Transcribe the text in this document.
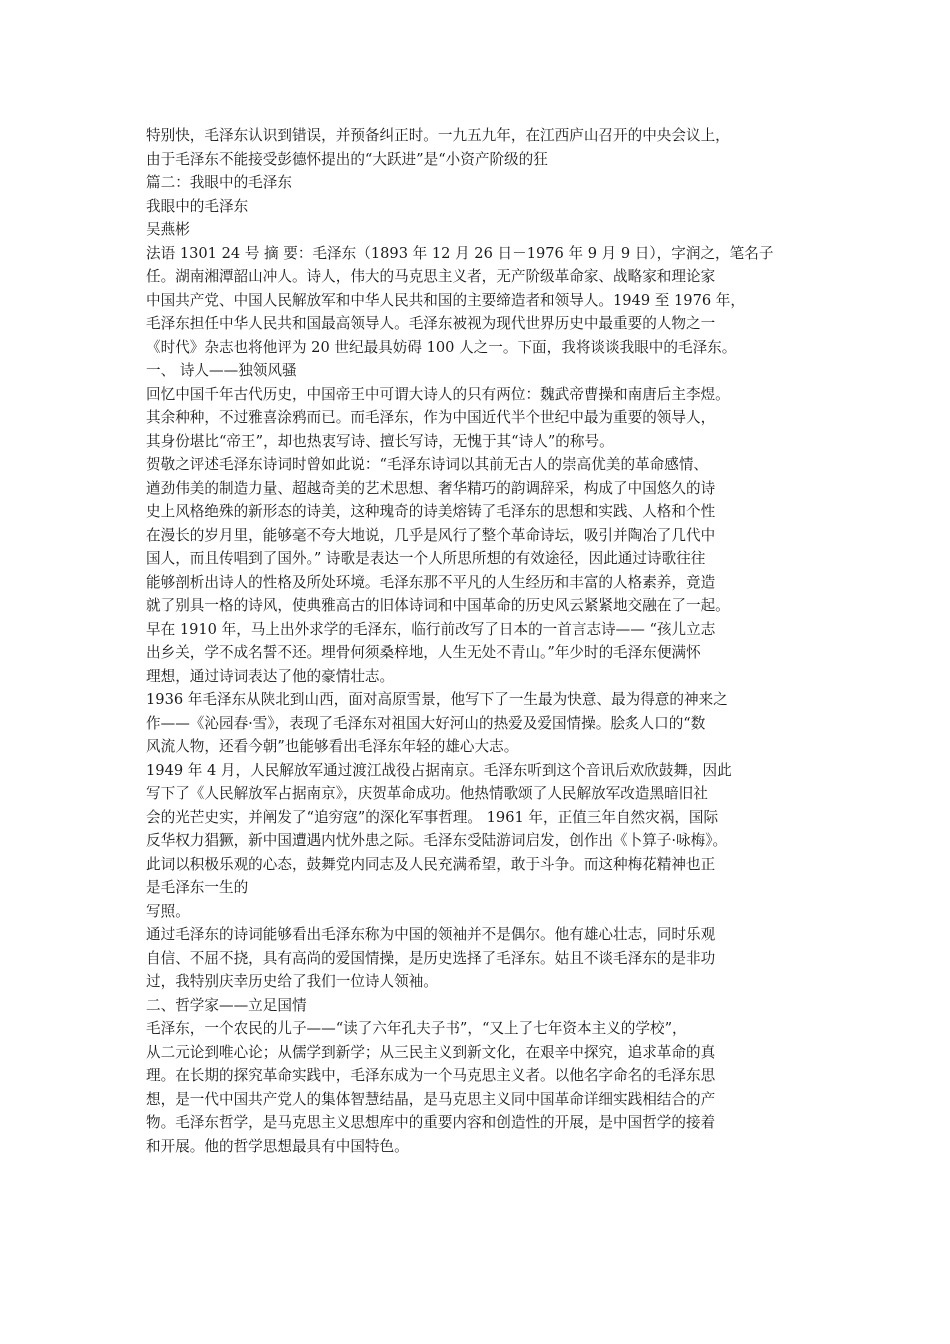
特别快，毛泽东认识到错误，并预备纠正时。一九五九年，在江西庐山召开的中央会议上，
由于毛泽东不能接受彭德怀提出的“大跃进”是“小资产阶级的狂
篇二：我眼中的毛泽东
我眼中的毛泽东
吴燕彬
法语 1301 24 号 摘 要：毛泽东（1893 年 12 月 26 日－1976 年 9 月 9 日），字润之，笔名子
任。湖南湘潭韶山冲人。诗人，伟大的马克思主义者，无产阶级革命家、战略家和理论家
中国共产党、中国人民解放军和中华人民共和国的主要缔造者和领导人。1949 至 1976 年，
毛泽东担任中华人民共和国最高领导人。毛泽东被视为现代世界历史中最重要的人物之一
《时代》杂志也将他评为 20 世纪最具妨碍 100 人之一。下面，我将谈谈我眼中的毛泽东。
一、 诗人——独领风骚
回忆中国千年古代历史，中国帝王中可谓大诗人的只有两位：魏武帝曹操和南唐后主李煜。
其余种种，不过雅喜涂鸦而已。而毛泽东，作为中国近代半个世纪中最为重要的领导人，
其身份堪比“帝王”，却也热衷写诗、擅长写诗，无愧于其“诗人”的称号。
贺敬之评述毛泽东诗词时曾如此说：“毛泽东诗词以其前无古人的崇高优美的革命感情、
遒劲伟美的制造力量、超越奇美的艺术思想、奢华精巧的韵调辞采，构成了中国悠久的诗
史上风格绝殊的新形态的诗美，这种瑰奇的诗美熔铸了毛泽东的思想和实践、人格和个性
在漫长的岁月里，能够毫不夸大地说，几乎是风行了整个革命诗坛，吸引并陶冶了几代中
国人，而且传唱到了国外。” 诗歌是表达一个人所思所想的有效途径，因此通过诗歌往往
能够剖析出诗人的性格及所处环境。毛泽东那不平凡的人生经历和丰富的人格素养，竟造
就了别具一格的诗风，使典雅高古的旧体诗词和中国革命的历史风云紧紧地交融在了一起。
早在 1910 年，马上出外求学的毛泽东，临行前改写了日本的一首言志诗—— “孩儿立志
出乡关，学不成名誓不还。埋骨何须桑梓地，人生无处不青山。”年少时的毛泽东便满怀
理想，通过诗词表达了他的豪情壮志。
1936 年毛泽东从陕北到山西，面对高原雪景，他写下了一生最为快意、最为得意的神来之
作——《沁园春·雪》，表现了毛泽东对祖国大好河山的热爱及爱国情操。脍炙人口的“数
风流人物，还看今朝”也能够看出毛泽东年轻的雄心大志。
1949 年 4 月，人民解放军通过渡江战役占据南京。毛泽东听到这个音讯后欢欣鼓舞，因此
写下了《人民解放军占据南京》，庆贺革命成功。他热情歌颂了人民解放军改造黑暗旧社
会的光芒史实，并阐发了“追穷寇”的深化军事哲理。 1961 年，正值三年自然灾祸，国际
反华权力猖獗，新中国遭遇内忧外患之际。毛泽东受陆游词启发，创作出《卜算子·咏梅》。
此词以积极乐观的心态，鼓舞党内同志及人民充满希望，敢于斗争。而这种梅花精神也正
是毛泽东一生的
写照。
通过毛泽东的诗词能够看出毛泽东称为中国的领袖并不是偶尔。他有雄心壮志，同时乐观
自信、不屈不挠，具有高尚的爱国情操，是历史选择了毛泽东。姑且不谈毛泽东的是非功
过，我特别庆幸历史给了我们一位诗人领袖。
二、哲学家——立足国情
毛泽东，一个农民的儿子——“读了六年孔夫子书”，“又上了七年资本主义的学校”，
从二元论到唯心论；从儒学到新学；从三民主义到新文化，在艰辛中探究，追求革命的真
理。在长期的探究革命实践中，毛泽东成为一个马克思主义者。以他名字命名的毛泽东思
想，是一代中国共产党人的集体智慧结晶，是马克思主义同中国革命详细实践相结合的产
物。毛泽东哲学，是马克思主义思想库中的重要内容和创造性的开展，是中国哲学的接着
和开展。他的哲学思想最具有中国特色。
